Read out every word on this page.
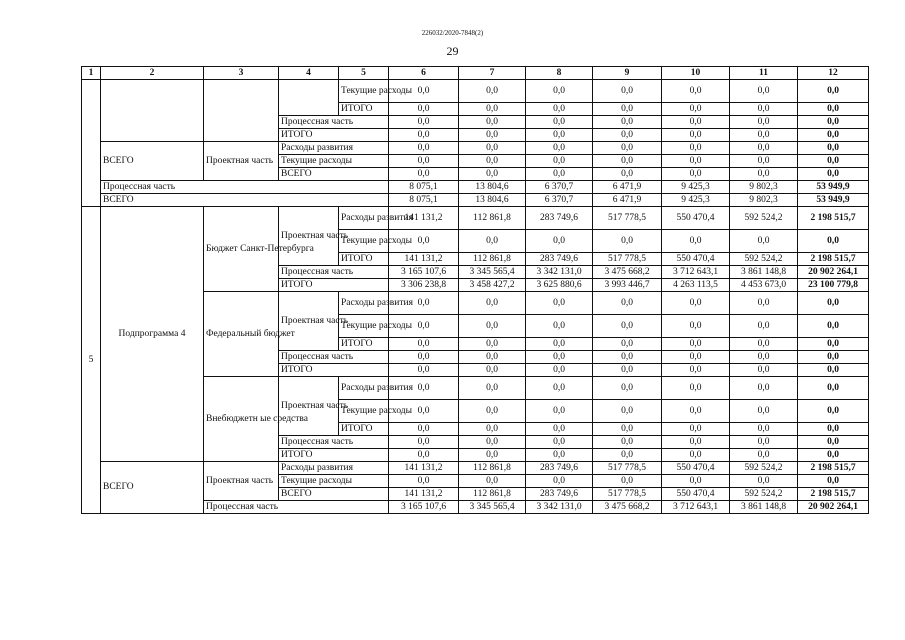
226032/2020-7848(2)
29
1	2	3	4	5	6	7	8	9	10	11	12
				Текущие расходы	0,0	0,0	0,0	0,0	0,0	0,0	0,0
				ИТОГО	0,0	0,0	0,0	0,0	0,0	0,0	0,0
			Процессная часть		0,0	0,0	0,0	0,0	0,0	0,0	0,0
			ИТОГО		0,0	0,0	0,0	0,0	0,0	0,0	0,0
	ВСЕГО	Проектная часть	Расходы развития		0,0	0,0	0,0	0,0	0,0	0,0	0,0
			Текущие расходы		0,0	0,0	0,0	0,0	0,0	0,0	0,0
			ВСЕГО		0,0	0,0	0,0	0,0	0,0	0,0	0,0
	Процессная часть				8 075,1	13 804,6	6 370,7	6 471,9	9 425,3	9 802,3	53 949,9
	ВСЕГО				8 075,1	13 804,6	6 370,7	6 471,9	9 425,3	9 802,3	53 949,9
5	Подпрограмма 4	Бюджет Санкт-Петербурга	Проектная часть	Расходы развития	141 131,2	112 861,8	283 749,6	517 778,5	550 470,4	592 524,2	2 198 515,7
				Текущие расходы	0,0	0,0	0,0	0,0	0,0	0,0	0,0
				ИТОГО	141 131,2	112 861,8	283 749,6	517 778,5	550 470,4	592 524,2	2 198 515,7
			Процессная часть		3 165 107,6	3 345 565,4	3 342 131,0	3 475 668,2	3 712 643,1	3 861 148,8	20 902 264,1
			ИТОГО		3 306 238,8	3 458 427,2	3 625 880,6	3 993 446,7	4 263 113,5	4 453 673,0	23 100 779,8
		Федеральный бюджет	Проектная часть	Расходы развития	0,0	0,0	0,0	0,0	0,0	0,0	0,0
				Текущие расходы	0,0	0,0	0,0	0,0	0,0	0,0	0,0
				ИТОГО	0,0	0,0	0,0	0,0	0,0	0,0	0,0
			Процессная часть		0,0	0,0	0,0	0,0	0,0	0,0	0,0
			ИТОГО		0,0	0,0	0,0	0,0	0,0	0,0	0,0
		Внебюджетн ые средства	Проектная часть	Расходы развития	0,0	0,0	0,0	0,0	0,0	0,0	0,0
				Текущие расходы	0,0	0,0	0,0	0,0	0,0	0,0	0,0
				ИТОГО	0,0	0,0	0,0	0,0	0,0	0,0	0,0
			Процессная часть		0,0	0,0	0,0	0,0	0,0	0,0	0,0
			ИТОГО		0,0	0,0	0,0	0,0	0,0	0,0	0,0
	ВСЕГО	Проектная часть	Расходы развития		141 131,2	112 861,8	283 749,6	517 778,5	550 470,4	592 524,2	2 198 515,7
			Текущие расходы		0,0	0,0	0,0	0,0	0,0	0,0	0,0
			ВСЕГО		141 131,2	112 861,8	283 749,6	517 778,5	550 470,4	592 524,2	2 198 515,7
		Процессная часть			3 165 107,6	3 345 565,4	3 342 131,0	3 475 668,2	3 712 643,1	3 861 148,8	20 902 264,1
